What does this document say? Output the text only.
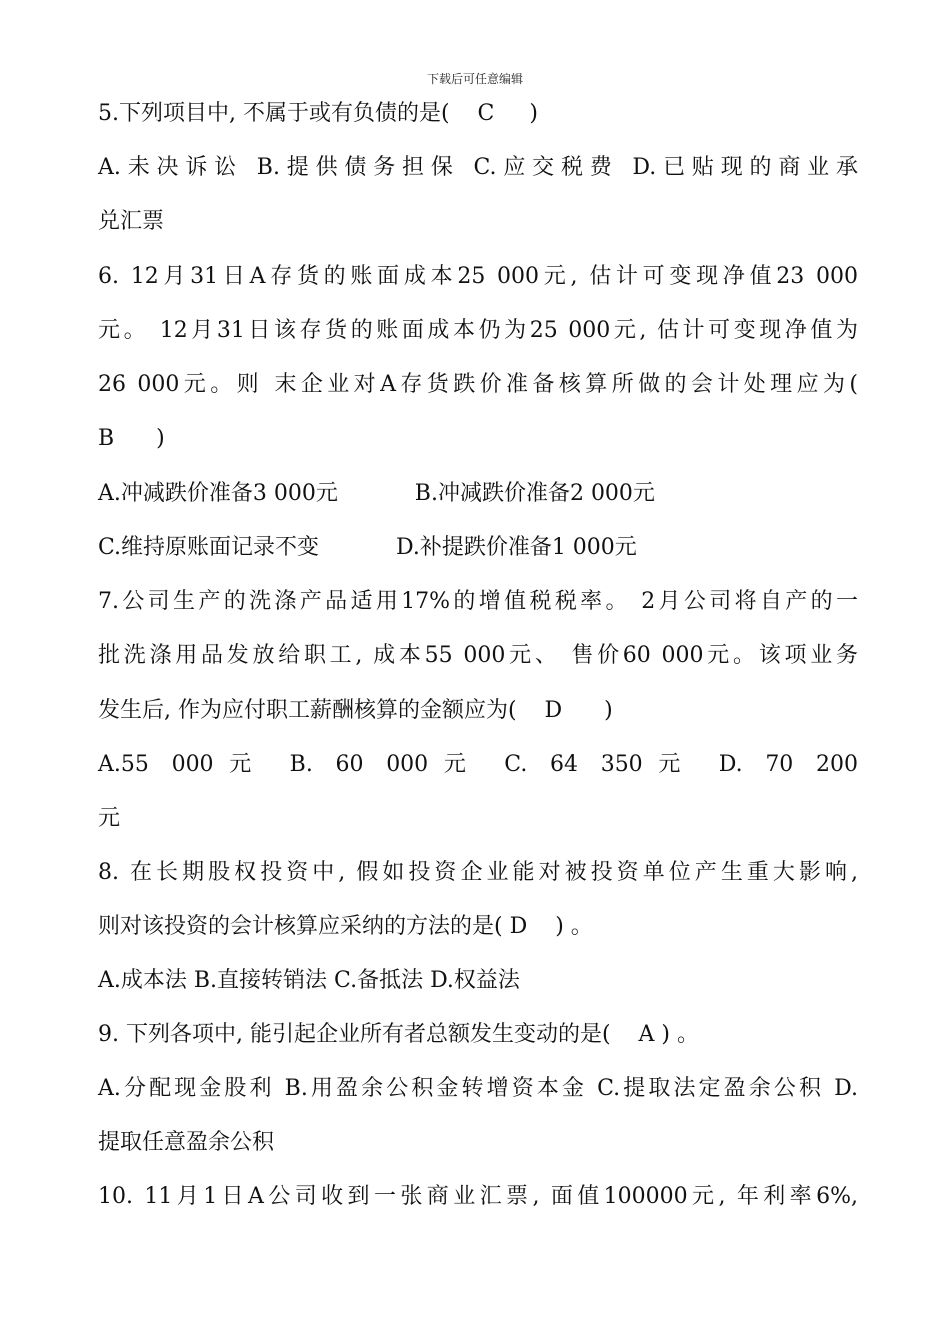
下载后可任意编辑
5.下列项目中, 不属于或有负债的是(    C     )
A.未决诉讼 B.提供债务担保 C.应交税费 D.已贴现的商业承
兑汇票
6. 12月31日A存货的账面成本25 000元, 估计可变现净值23 000
元。 12月31日该存货的账面成本仍为25 000元, 估计可变现净值为
26 000元。则 末企业对A存货跌价准备核算所做的会计处理应为(
B      )
A.冲减跌价准备3 000元           B.冲减跌价准备2 000元
C.维持原账面记录不变           D.补提跌价准备1 000元
7.公司生产的洗涤产品适用17%的增值税税率。 2月公司将自产的一
批洗涤用品发放给职工, 成本55 000元、 售价60 000元。该项业务
发生后, 作为应付职工薪酬核算的金额应为(    D      )
A.55 000元 B. 60 000元 C. 64 350元 D. 70 200
元
8. 在长期股权投资中, 假如投资企业能对被投资单位产生重大影响,
则对该投资的会计核算应采纳的方法的是( D    ) 。
A.成本法 B.直接转销法 C.备抵法 D.权益法
9. 下列各项中, 能引起企业所有者总额发生变动的是(    A ) 。
A.分配现金股利 B.用盈余公积金转增资本金 C.提取法定盈余公积 D.
提取任意盈余公积
10. 11月1日A公司收到一张商业汇票, 面值100000元, 年利率6%,
